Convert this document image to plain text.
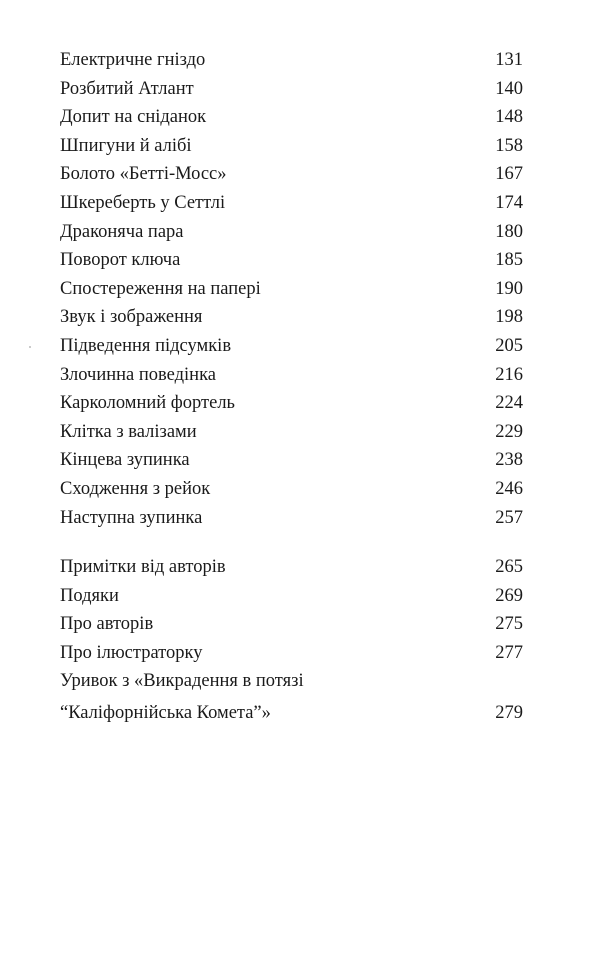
Електричне гніздо	131
Розбитий Атлант	140
Допит на сніданок	148
Шпигуни й алібі	158
Болото «Бетті-Мосс»	167
Шкереберть у Сеттлі	174
Драконяча пара	180
Поворот ключа	185
Спостереження на папері	190
Звук і зображення	198
Підведення підсумків	205
Злочинна поведінка	216
Карколомний фортель	224
Клітка з валізами	229
Кінцева зупинка	238
Сходження з рейок	246
Наступна зупинка	257
Примітки від авторів	265
Подяки	269
Про авторів	275
Про ілюстраторку	277
Уривок з «Викрадення в потязі
“Каліфорнійська Комета”»	279
